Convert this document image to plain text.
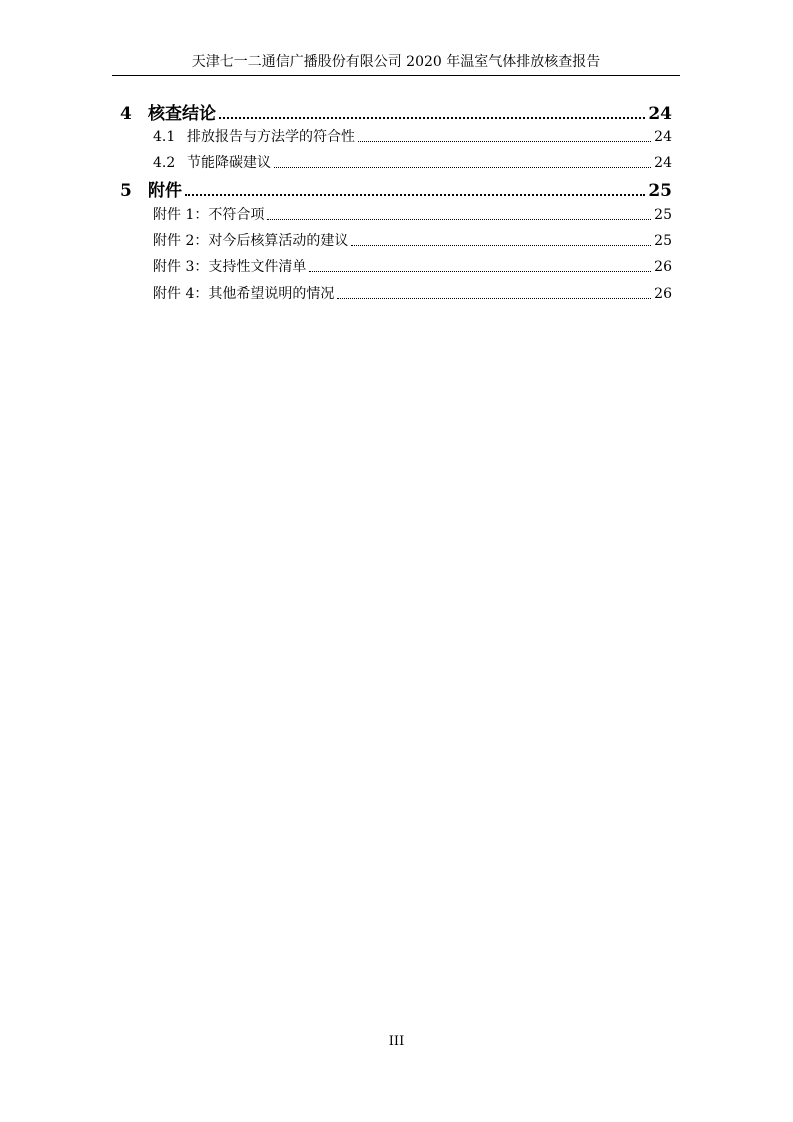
天津七一二通信广播股份有限公司 2020 年温室气体排放核查报告
4 核查结论	24
4.1 排放报告与方法学的符合性	24
4.2 节能降碳建议	24
5 附件	25
附件 1：不符合项	25
附件 2：对今后核算活动的建议	25
附件 3：支持性文件清单	26
附件 4：其他希望说明的情况	26
III
